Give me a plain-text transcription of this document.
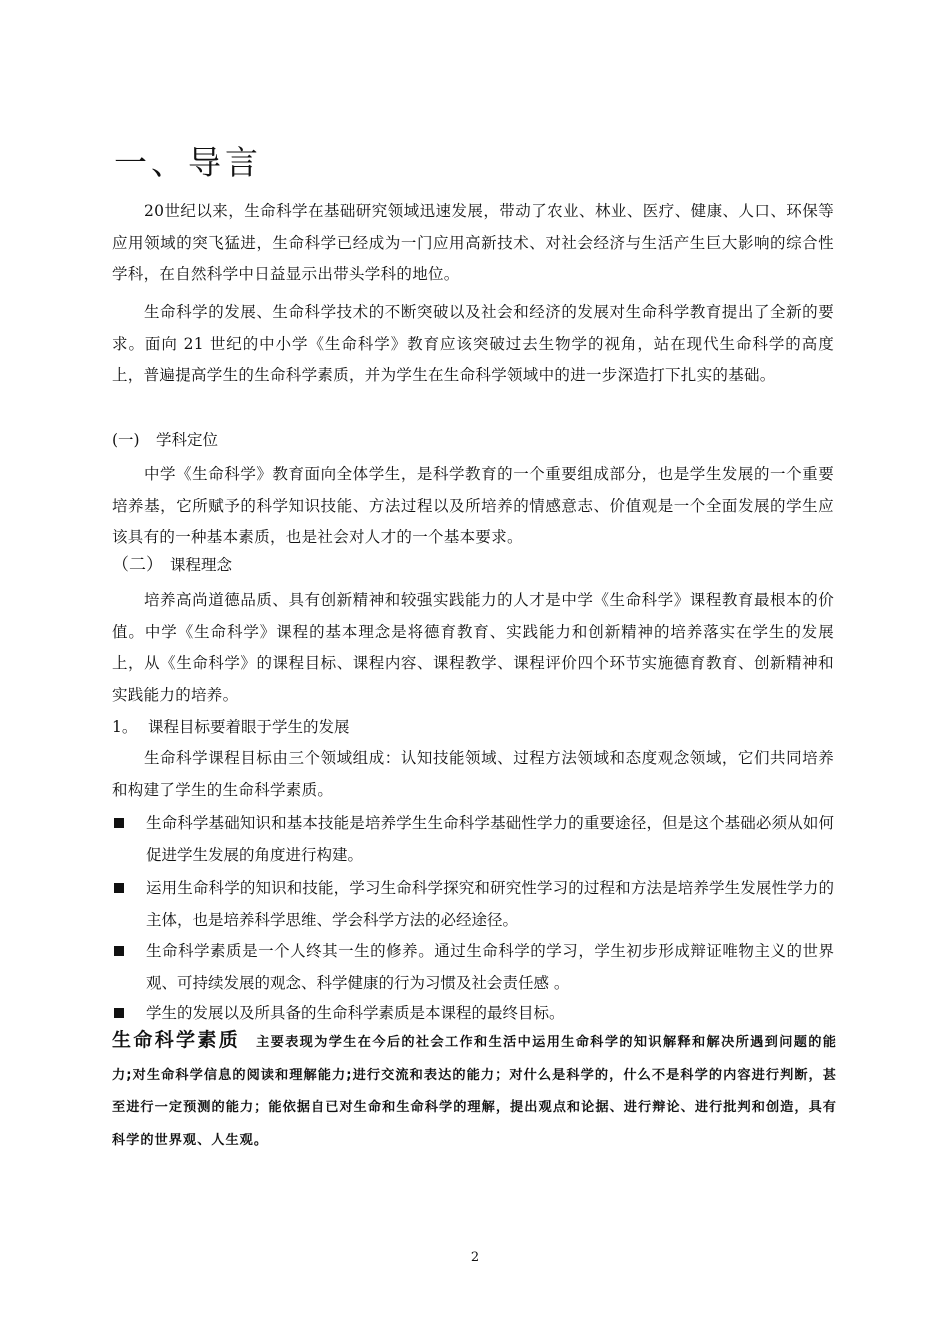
一、导言

20世纪以来，生命科学在基础研究领域迅速发展，带动了农业、林业、医疗、健康、人口、环保等应用领域的突飞猛进，生命科学已经成为一门应用高新技术、对社会经济与生活产生巨大影响的综合性学科，在自然科学中日益显示出带头学科的地位。

生命科学的发展、生命科学技术的不断突破以及社会和经济的发展对生命科学教育提出了全新的要求。面向 21 世纪的中小学《生命科学》教育应该突破过去生物学的视角，站在现代生命科学的高度上，普遍提高学生的生命科学素质，并为学生在生命科学领域中的进一步深造打下扎实的基础。

(一) 学科定位

中学《生命科学》教育面向全体学生，是科学教育的一个重要组成部分，也是学生发展的一个重要培养基，它所赋予的科学知识技能、方法过程以及所培养的情感意志、价值观是一个全面发展的学生应该具有的一种基本素质，也是社会对人才的一个基本要求。

（二） 课程理念

培养高尚道德品质、具有创新精神和较强实践能力的人才是中学《生命科学》课程教育最根本的价值。中学《生命科学》课程的基本理念是将德育教育、实践能力和创新精神的培养落实在学生的发展上，从《生命科学》的课程目标、课程内容、课程教学、课程评价四个环节实施德育教育、创新精神和实践能力的培养。

1。 课程目标要着眼于学生的发展

生命科学课程目标由三个领域组成：认知技能领域、过程方法领域和态度观念领域，它们共同培养和构建了学生的生命科学素质。

生命科学基础知识和基本技能是培养学生生命科学基础性学力的重要途径，但是这个基础必须从如何促进学生发展的角度进行构建。
运用生命科学的知识和技能，学习生命科学探究和研究性学习的过程和方法是培养学生发展性学力的主体，也是培养科学思维、学会科学方法的必经途径。
生命科学素质是一个人终其一生的修养。通过生命科学的学习，学生初步形成辩证唯物主义的世界观、可持续发展的观念、科学健康的行为习惯及社会责任感 。
学生的发展以及所具备的生命科学素质是本课程的最终目标。
生命科学素质 主要表现为学生在今后的社会工作和生活中运用生命科学的知识解释和解决所遇到问题的能力;对生命科学信息的阅读和理解能力;进行交流和表达的能力；对什么是科学的，什么不是科学的内容进行判断，甚至进行一定预测的能力；能依据自已对生命和生命科学的理解，提出观点和论据、进行辩论、进行批判和创造，具有科学的世界观、人生观。
2
